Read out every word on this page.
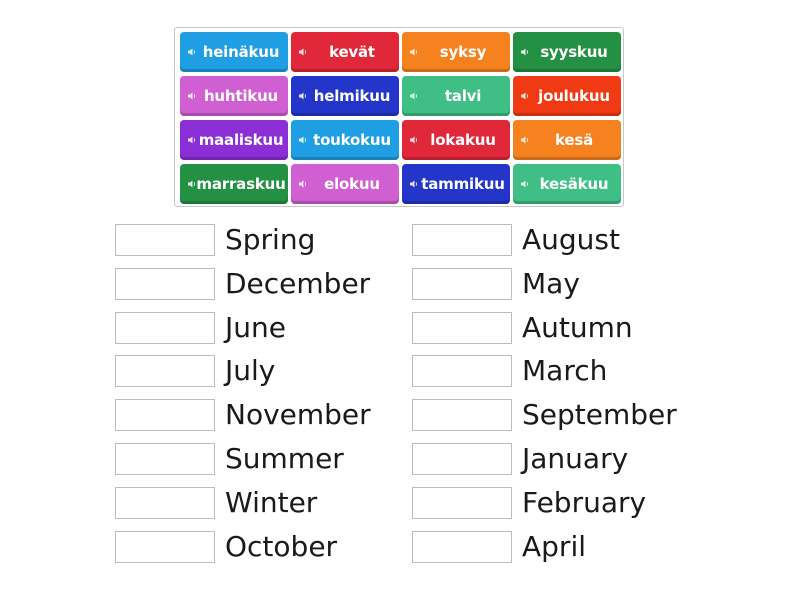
heinäkuu	kevät	syksy	syyskuu
huhtikuu	helmikuu	talvi	joulukuu
maaliskuu	toukokuu	lokakuu	kesä
marraskuu	elokuu	tammikuu	kesäkuu
Spring
December
June
July
November
Summer
Winter
October
August
May
Autumn
March
September
January
February
April
